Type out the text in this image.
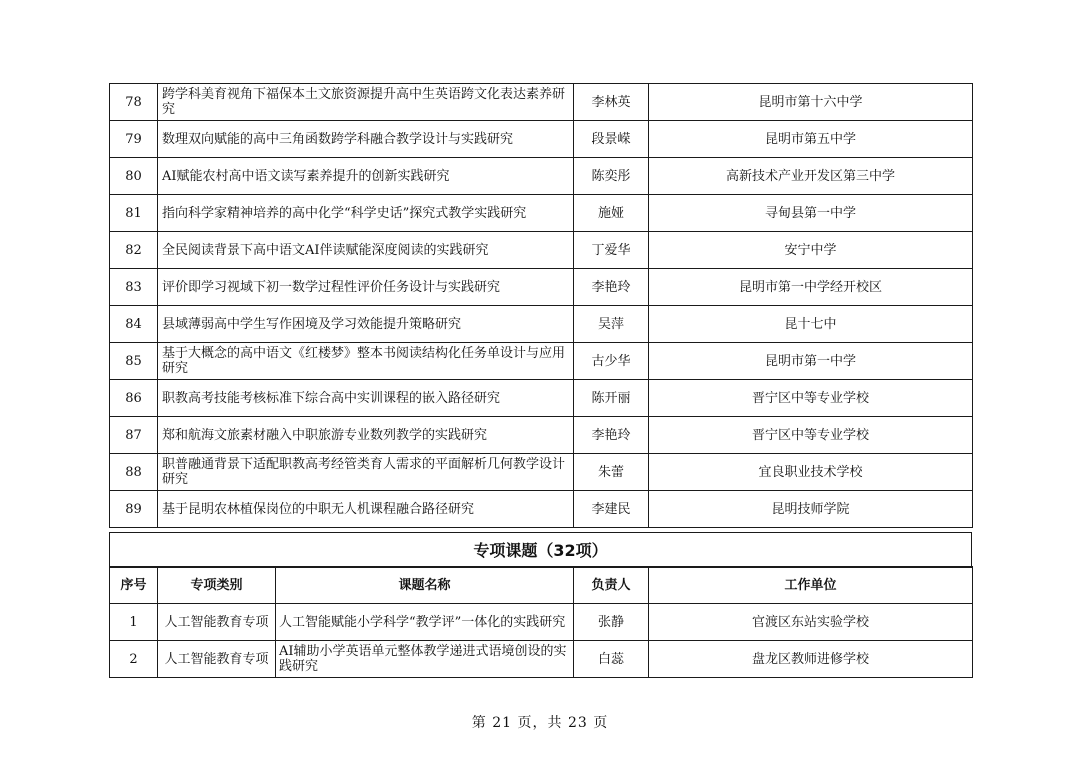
78	跨学科美育视角下福保本土文旅资源提升高中生英语跨文化表达素养研究	李林英	昆明市第十六中学
79	数理双向赋能的高中三角函数跨学科融合教学设计与实践研究	段景嵘	昆明市第五中学
80	AI赋能农村高中语文读写素养提升的创新实践研究	陈奕彤	高新技术产业开发区第三中学
81	指向科学家精神培养的高中化学“科学史话”探究式教学实践研究	施娅	寻甸县第一中学
82	全民阅读背景下高中语文AI伴读赋能深度阅读的实践研究	丁爱华	安宁中学
83	评价即学习视域下初一数学过程性评价任务设计与实践研究	李艳玲	昆明市第一中学经开校区
84	县域薄弱高中学生写作困境及学习效能提升策略研究	吴萍	昆十七中
85	基于大概念的高中语文《红楼梦》整本书阅读结构化任务单设计与应用研究	古少华	昆明市第一中学
86	职教高考技能考核标准下综合高中实训课程的嵌入路径研究	陈开丽	晋宁区中等专业学校
87	郑和航海文旅素材融入中职旅游专业数列教学的实践研究	李艳玲	晋宁区中等专业学校
88	职普融通背景下适配职教高考经管类育人需求的平面解析几何教学设计研究	朱蕾	宜良职业技术学校
89	基于昆明农林植保岗位的中职无人机课程融合路径研究	李建民	昆明技师学院
专项课题（32项）
序号	专项类别	课题名称	负责人	工作单位
1	人工智能教育专项	人工智能赋能小学科学“教学评”一体化的实践研究	张静	官渡区东站实验学校
2	人工智能教育专项	AI辅助小学英语单元整体教学递进式语境创设的实践研究	白蕊	盘龙区教师进修学校
第 21 页，共 23 页
